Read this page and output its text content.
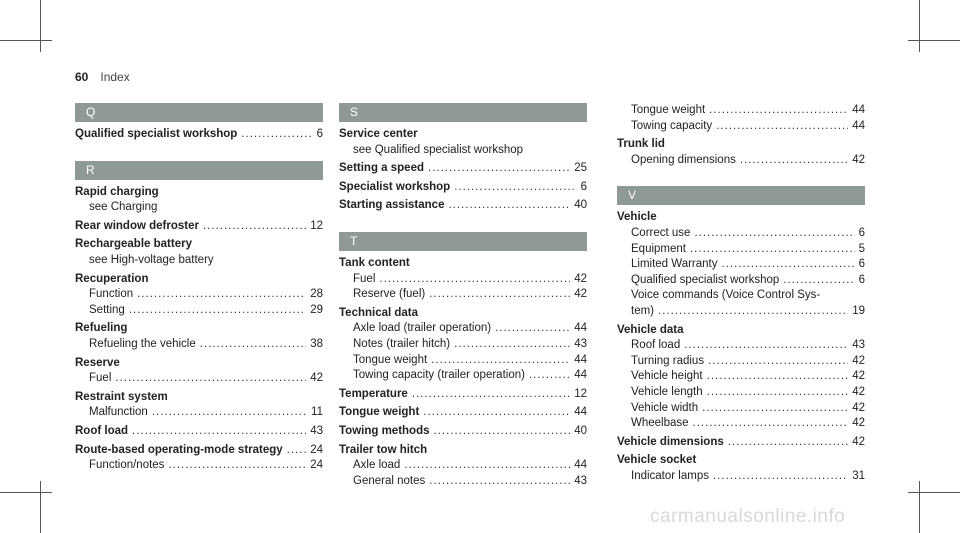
60 Index
Q
Qualified specialist workshop .....	6
R
Rapid charging
see Charging
Rear window defroster .....	12
Rechargeable battery
see High-voltage battery
Recuperation
Function .....	28
Setting .....	29
Refueling
Refueling the vehicle .....	38
Reserve
Fuel .....	42
Restraint system
Malfunction .....	11
Roof load .....	43
Route-based operating-mode strategy ..... 24
Function/notes .....	24
S
Service center
see Qualified specialist workshop
Setting a speed .....	25
Specialist workshop .....	6
Starting assistance .....	40
T
Tank content
Fuel .....	42
Reserve (fuel) .....	42
Technical data
Axle load (trailer operation) .....	44
Notes (trailer hitch) .....	43
Tongue weight .....	44
Towing capacity (trailer operation) .....	44
Temperature .....	12
Tongue weight .....	44
Towing methods .....	40
Trailer tow hitch
Axle load .....	44
General notes .....	43
Tongue weight .....	44
Towing capacity .....	44
Trunk lid
Opening dimensions .....	42
V
Vehicle
Correct use .....	6
Equipment .....	5
Limited Warranty .....	6
Qualified specialist workshop .....	6
Voice commands (Voice Control Sys-
tem) .....	19
Vehicle data
Roof load .....	43
Turning radius .....	42
Vehicle height .....	42
Vehicle length .....	42
Vehicle width .....	42
Wheelbase .....	42
Vehicle dimensions .....	42
Vehicle socket
Indicator lamps .....	31
carmanualsonline.info
